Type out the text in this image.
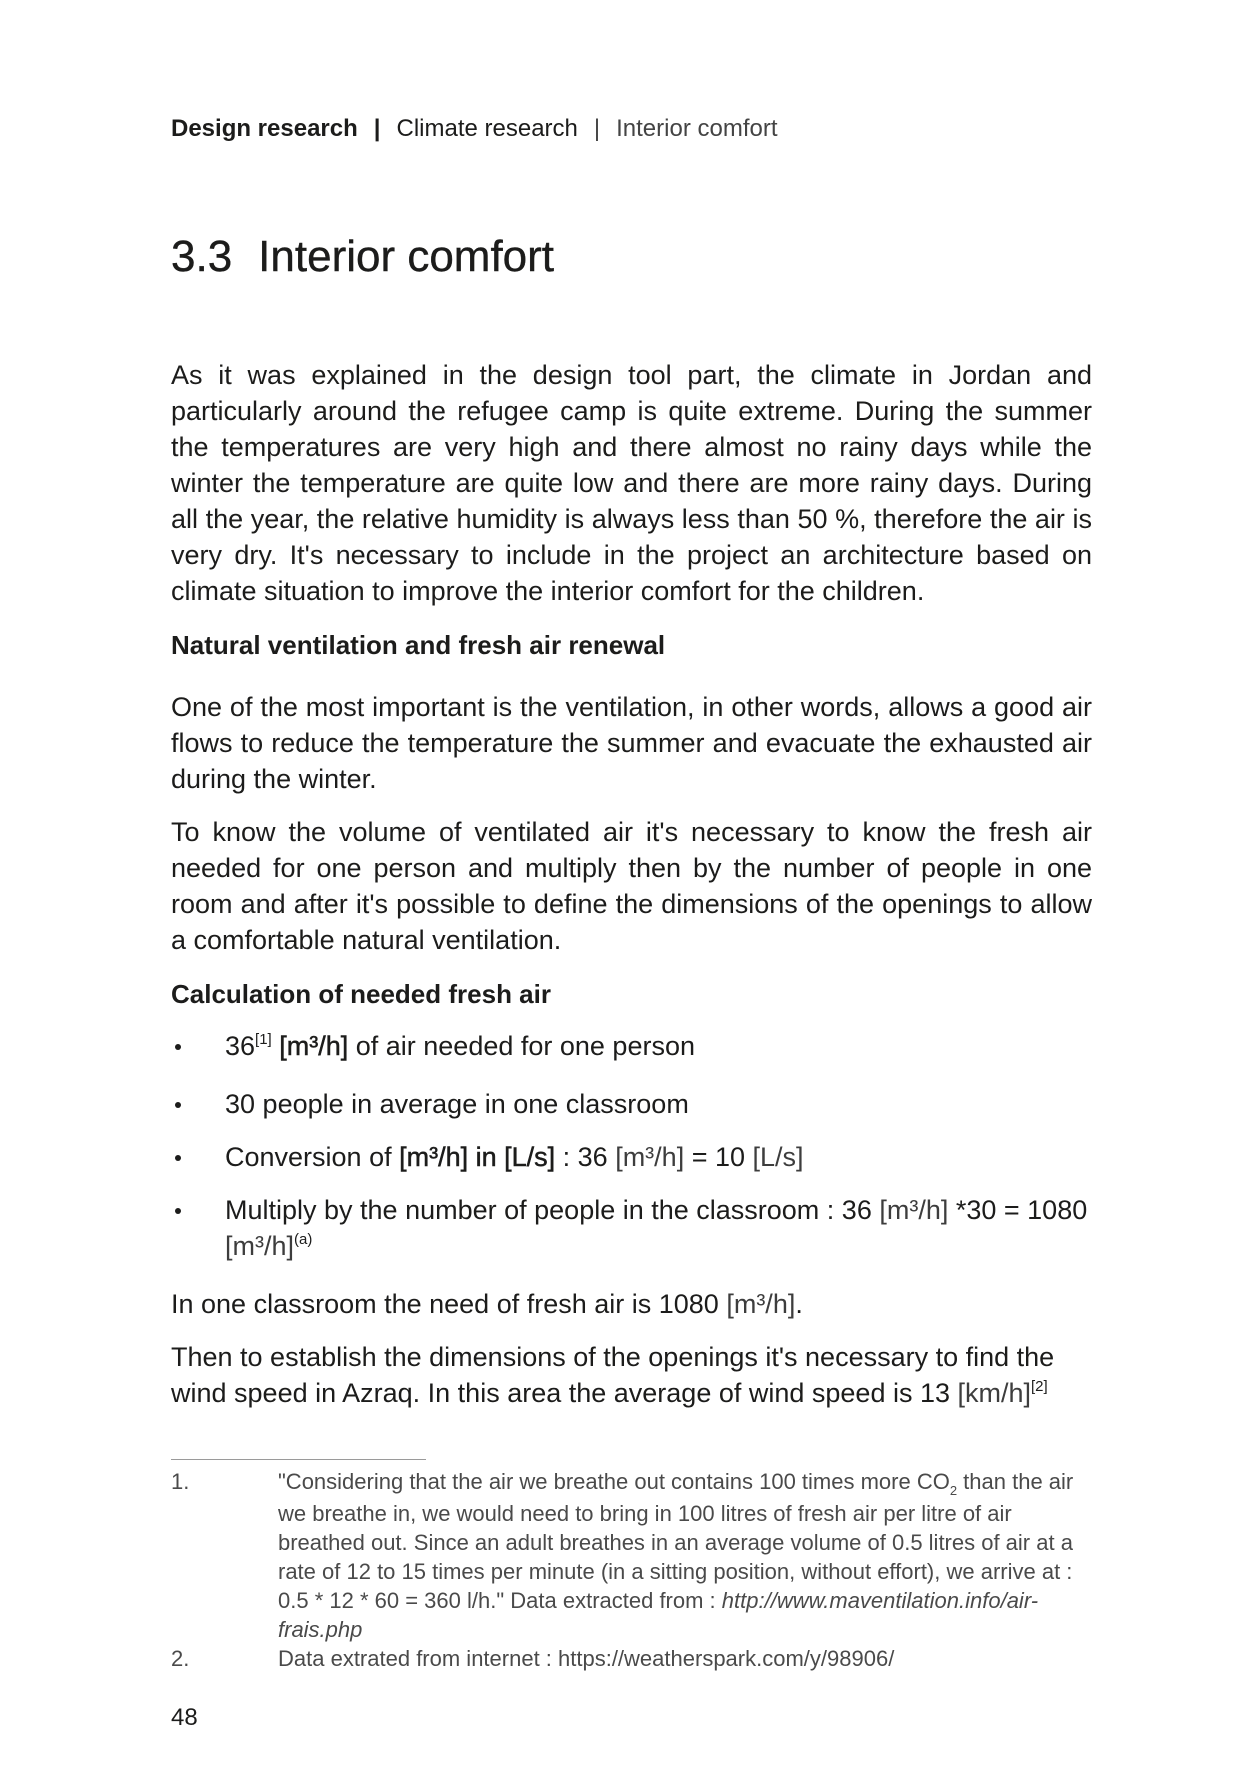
Design research | Climate research | Interior comfort
3.3 Interior comfort

As it was explained in the design tool part, the climate in Jordan and particularly around the refugee camp is quite extreme. During the summer the temperatures are very high and there almost no rainy days while the winter the temperature are quite low and there are more rainy days. During all the year, the relative humidity is always less than 50 %, therefore the air is very dry. It's necessary to include in the project an architecture based on climate situation to improve the interior comfort for the children.

Natural ventilation and fresh air renewal

One of the most important is the ventilation, in other words, allows a good air flows to reduce the temperature the summer and evacuate the exhausted air during the winter.

To know the volume of ventilated air it's necessary to know the fresh air needed for one person and multiply then by the number of people in one room and after it's possible to define the dimensions of the openings to allow a comfortable natural ventilation.

Calculation of needed fresh air
36[1] [m³/h] of air needed for one person
30 people in average in one classroom
Conversion of [m³/h] in [L/s] : 36 [m³/h] = 10 [L/s]
Multiply by the number of people in the classroom : 36 [m³/h] *30 = 1080 [m³/h]$^{(a)}$

In one classroom the need of fresh air is 1080 [m³/h].

Then to establish the dimensions of the openings it's necessary to find the wind speed in Azraq. In this area the average of wind speed is 13 [km/h][2]

1.	"Considering that the air we breathe out contains 100 times more $CO_2$ than the air we breathe in, we would need to bring in 100 litres of fresh air per litre of air breathed out. Since an adult breathes in an average volume of 0.5 litres of air at a rate of 12 to 15 times per minute (in a sitting position, without effort), we arrive at : 0.5 * 12 * 60 = 360 l/h." Data extracted from : http://www.maventilation.info/air-frais.php
2.	Data extrated from internet : https://weatherspark.com/y/98906/
48
